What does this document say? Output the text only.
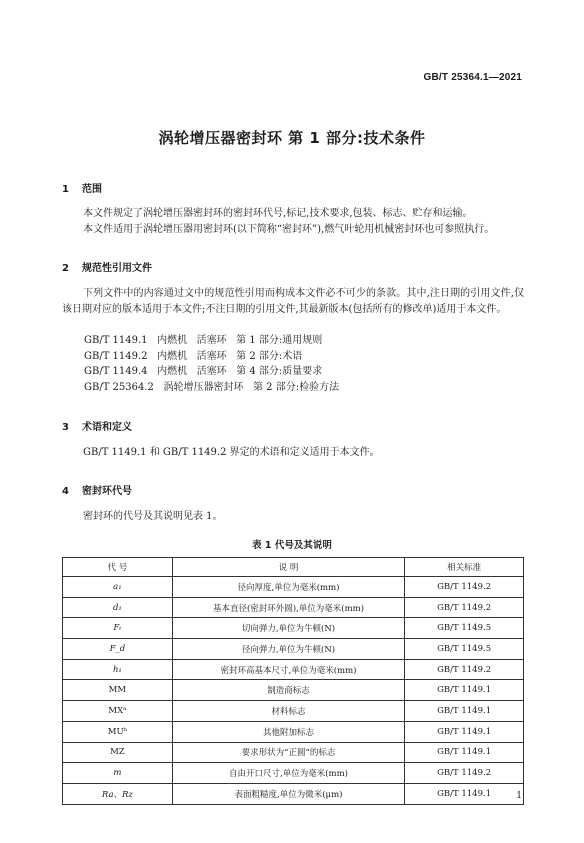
GB/T 25364.1—2021
涡轮增压器密封环 第 1 部分:技术条件
1 范围
本文件规定了涡轮增压器密封环的密封环代号,标记,技术要求,包装、标志、贮存和运输。
本文件适用于涡轮增压器用密封环(以下简称“密封环”),燃气叶轮用机械密封环也可参照执行。
2 规范性引用文件
下列文件中的内容通过文中的规范性引用而构成本文件必不可少的条款。其中,注日期的引用文件,仅该日期对应的版本适用于本文件;不注日期的引用文件,其最新版本(包括所有的修改单)适用于本文件。
GB/T 1149.1   内燃机   活塞环   第 1 部分:通用规则
GB/T 1149.2   内燃机   活塞环   第 2 部分:术语
GB/T 1149.4   内燃机   活塞环   第 4 部分:质量要求
GB/T 25364.2   涡轮增压器密封环   第 2 部分:检验方法
3 术语和定义
GB/T 1149.1 和 GB/T 1149.2 界定的术语和定义适用于本文件。
4 密封环代号
密封环的代号及其说明见表 1。
表 1 代号及其说明
代 号	说 明	相关标准
a₁	径向厚度,单位为毫米(mm)	GB/T 1149.2
d₁	基本直径(密封环外圆),单位为毫米(mm)	GB/T 1149.2
Fₜ	切向弹力,单位为牛顿(N)	GB/T 1149.5
F_d	径向弹力,单位为牛顿(N)	GB/T 1149.5
h₁	密封环高基本尺寸,单位为毫米(mm)	GB/T 1149.2
MM	制造商标志	GB/T 1149.1
MXᵃ	材料标志	GB/T 1149.1
MUᵇ	其他附加标志	GB/T 1149.1
MZ	要求形状为“正圆”的标志	GB/T 1149.1
m	自由开口尺寸,单位为毫米(mm)	GB/T 1149.2
Ra、Rz	表面粗糙度,单位为微米(μm)	GB/T 1149.1	1
